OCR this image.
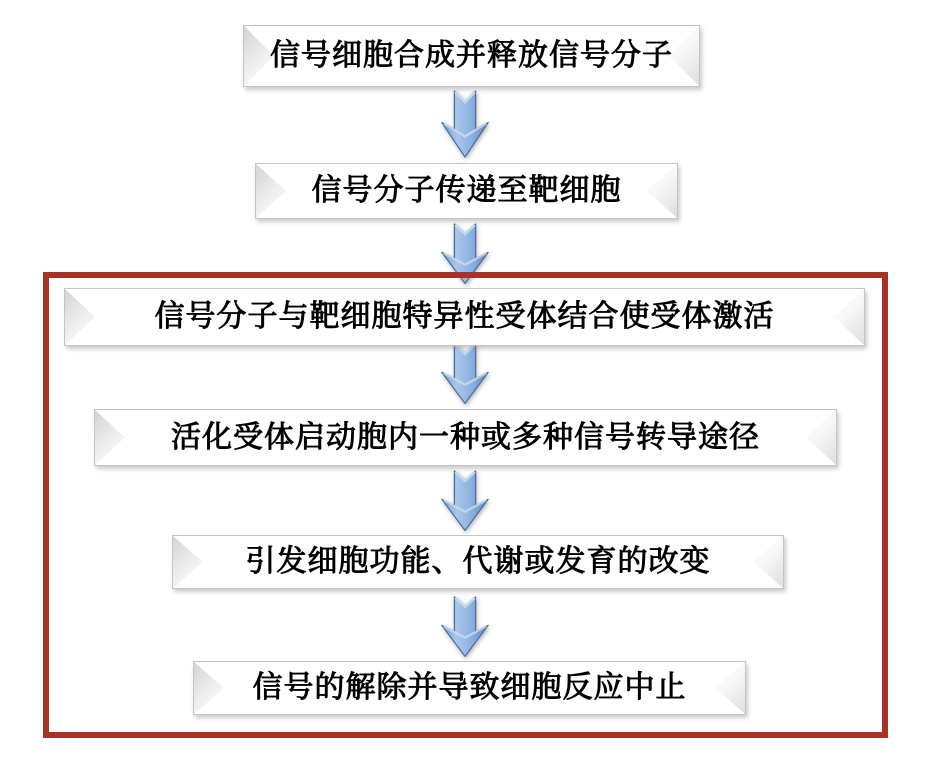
信号细胞合成并释放信号分子
信号分子传递至靶细胞
信号分子与靶细胞特异性受体结合使受体激活
活化受体启动胞内一种或多种信号转导途径
引发细胞功能、代谢或发育的改变
信号的解除并导致细胞反应中止
